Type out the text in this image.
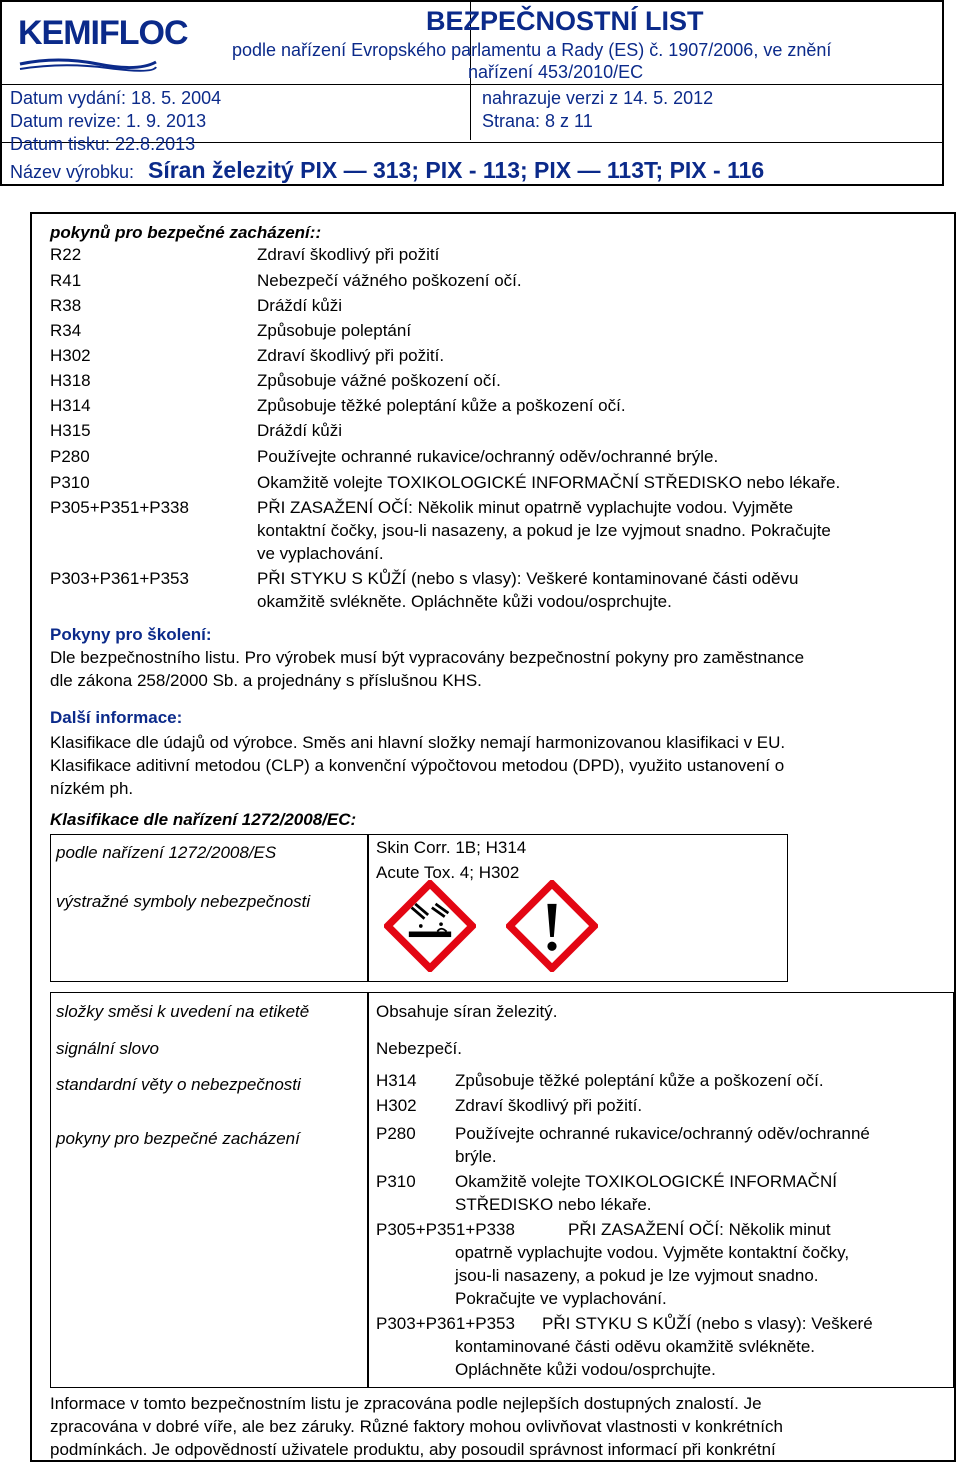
KEMIFLOC	BEZPEČNOSTNÍ LIST
podle nařízení Evropského parlamentu a Rady (ES) č. 1907/2006, ve znění
nařízení 453/2010/EC
Datum vydání: 18. 5. 2004
Datum revize: 1. 9. 2013
Datum tisku: 22.8.2013
nahrazuje verzi z 14. 5. 2012
Strana: 8 z 11
Název výrobku: Síran železitý PIX — 313; PIX - 113; PIX — 113T; PIX - 116
pokynů pro bezpečné zacházení::
R22	Zdraví škodlivý při požití
R41	Nebezpečí vážného poškození očí.
R38	Dráždí kůži
R34	Způsobuje poleptání
H302	Zdraví škodlivý při požití.
H318	Způsobuje vážné poškození očí.
H314	Způsobuje těžké poleptání kůže a poškození očí.
H315	Dráždí kůži
P280	Používejte ochranné rukavice/ochranný oděv/ochranné brýle.
P310	Okamžitě volejte TOXIKOLOGICKÉ INFORMAČNÍ STŘEDISKO nebo lékaře.
P305+P351+P338	PŘI ZASAŽENÍ OČÍ: Několik minut opatrně vyplachujte vodou. Vyjměte
kontaktní čočky, jsou-li nasazeny, a pokud je lze vyjmout snadno. Pokračujte
ve vyplachování.
P303+P361+P353	PŘI STYKU S KŮŽÍ (nebo s vlasy): Veškeré kontaminované části oděvu
okamžitě svlékněte. Opláchněte kůži vodou/osprchujte.
Pokyny pro školení:
Dle bezpečnostního listu. Pro výrobek musí být vypracovány bezpečnostní pokyny pro zaměstnance
dle zákona 258/2000 Sb. a projednány s příslušnou KHS.
Další informace:
Klasifikace dle údajů od výrobce. Směs ani hlavní složky nemají harmonizovanou klasifikaci v EU.
Klasifikace aditivní metodou (CLP) a konvenční výpočtovou metodou (DPD), využito ustanovení o
nízkém ph.
Klasifikace dle nařízení 1272/2008/EC:
podle nařízení 1272/2008/ES	Skin Corr. 1B; H314
Acute Tox. 4; H302
výstražné symboly nebezpečnosti
složky směsi k uvedení na etiketě	Obsahuje síran železitý.
signální slovo	Nebezpečí.
standardní věty o nebezpečnosti	H314 Způsobuje těžké poleptání kůže a poškození očí.
H302 Zdraví škodlivý při požití.
pokyny pro bezpečné zacházení	P280 Používejte ochranné rukavice/ochranný oděv/ochranné
brýle.
P310 Okamžitě volejte TOXIKOLOGICKÉ INFORMAČNÍ
STŘEDISKO nebo lékaře.
P305+P351+P338	PŘI ZASAŽENÍ OČÍ: Několik minut
opatrně vyplachujte vodou. Vyjměte kontaktní čočky,
jsou-li nasazeny, a pokud je lze vyjmout snadno.
Pokračujte ve vyplachování.
P303+P361+P353 PŘI STYKU S KŮŽÍ (nebo s vlasy): Veškeré
kontaminované části oděvu okamžitě svlékněte.
Opláchněte kůži vodou/osprchujte.
Informace v tomto bezpečnostním listu je zpracována podle nejlepších dostupných znalostí. Je
zpracována v dobré víře, ale bez záruky. Různé faktory mohou ovlivňovat vlastnosti v konkrétních
podmínkách. Je odpovědností uživatele produktu, aby posoudil správnost informací při konkrétní
